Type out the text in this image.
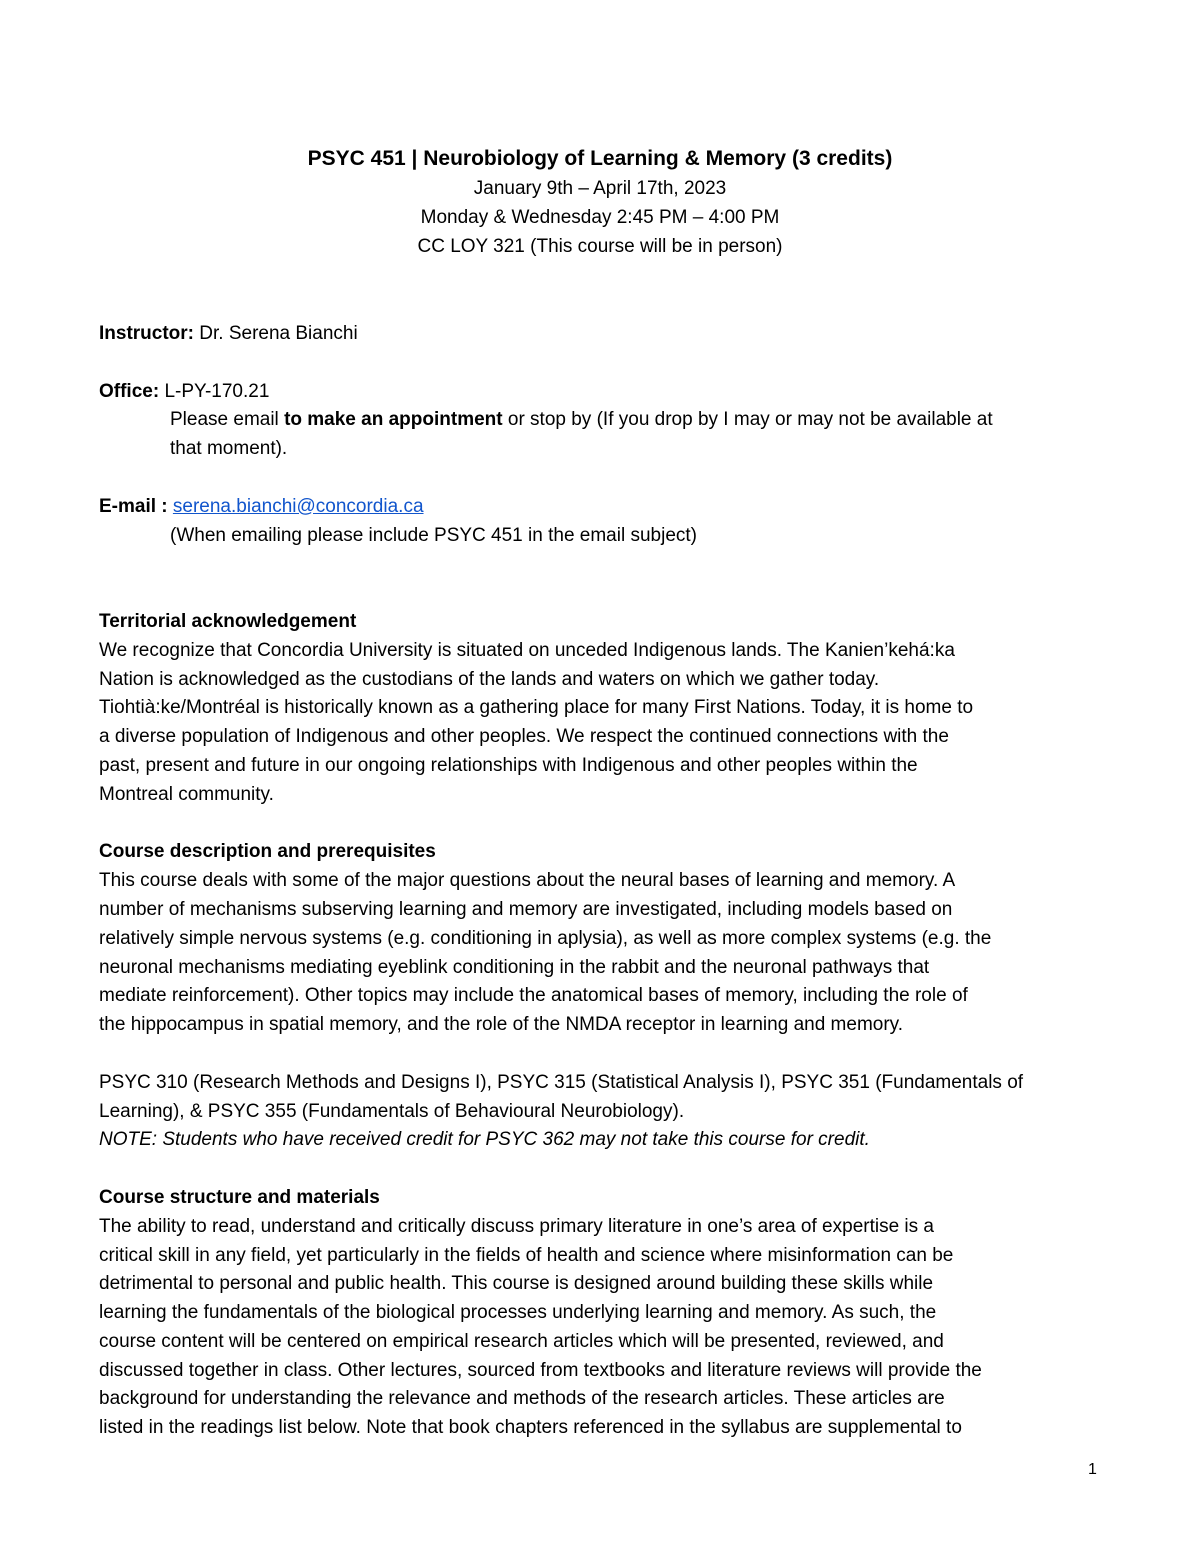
PSYC 451 | Neurobiology of Learning & Memory (3 credits)
January 9th – April 17th, 2023
Monday & Wednesday 2:45 PM – 4:00 PM
CC LOY 321 (This course will be in person)
Instructor: Dr. Serena Bianchi
Office: L-PY-170.21
Please email to make an appointment or stop by (If you drop by I may or may not be available at
that moment).
E-mail : serena.bianchi@concordia.ca
(When emailing please include PSYC 451 in the email subject)
Territorial acknowledgement
We recognize that Concordia University is situated on unceded Indigenous lands. The Kanien’kehá:ka
Nation is acknowledged as the custodians of the lands and waters on which we gather today.
Tiohtià:ke/Montréal is historically known as a gathering place for many First Nations. Today, it is home to
a diverse population of Indigenous and other peoples. We respect the continued connections with the
past, present and future in our ongoing relationships with Indigenous and other peoples within the
Montreal community.
Course description and prerequisites
This course deals with some of the major questions about the neural bases of learning and memory. A
number of mechanisms subserving learning and memory are investigated, including models based on
relatively simple nervous systems (e.g. conditioning in aplysia), as well as more complex systems (e.g. the
neuronal mechanisms mediating eyeblink conditioning in the rabbit and the neuronal pathways that
mediate reinforcement). Other topics may include the anatomical bases of memory, including the role of
the hippocampus in spatial memory, and the role of the NMDA receptor in learning and memory.
PSYC 310 (Research Methods and Designs I), PSYC 315 (Statistical Analysis I), PSYC 351 (Fundamentals of
Learning), & PSYC 355 (Fundamentals of Behavioural Neurobiology).
NOTE: Students who have received credit for PSYC 362 may not take this course for credit.
Course structure and materials
The ability to read, understand and critically discuss primary literature in one’s area of expertise is a
critical skill in any field, yet particularly in the fields of health and science where misinformation can be
detrimental to personal and public health. This course is designed around building these skills while
learning the fundamentals of the biological processes underlying learning and memory. As such, the
course content will be centered on empirical research articles which will be presented, reviewed, and
discussed together in class. Other lectures, sourced from textbooks and literature reviews will provide the
background for understanding the relevance and methods of the research articles. These articles are
listed in the readings list below. Note that book chapters referenced in the syllabus are supplemental to
1
